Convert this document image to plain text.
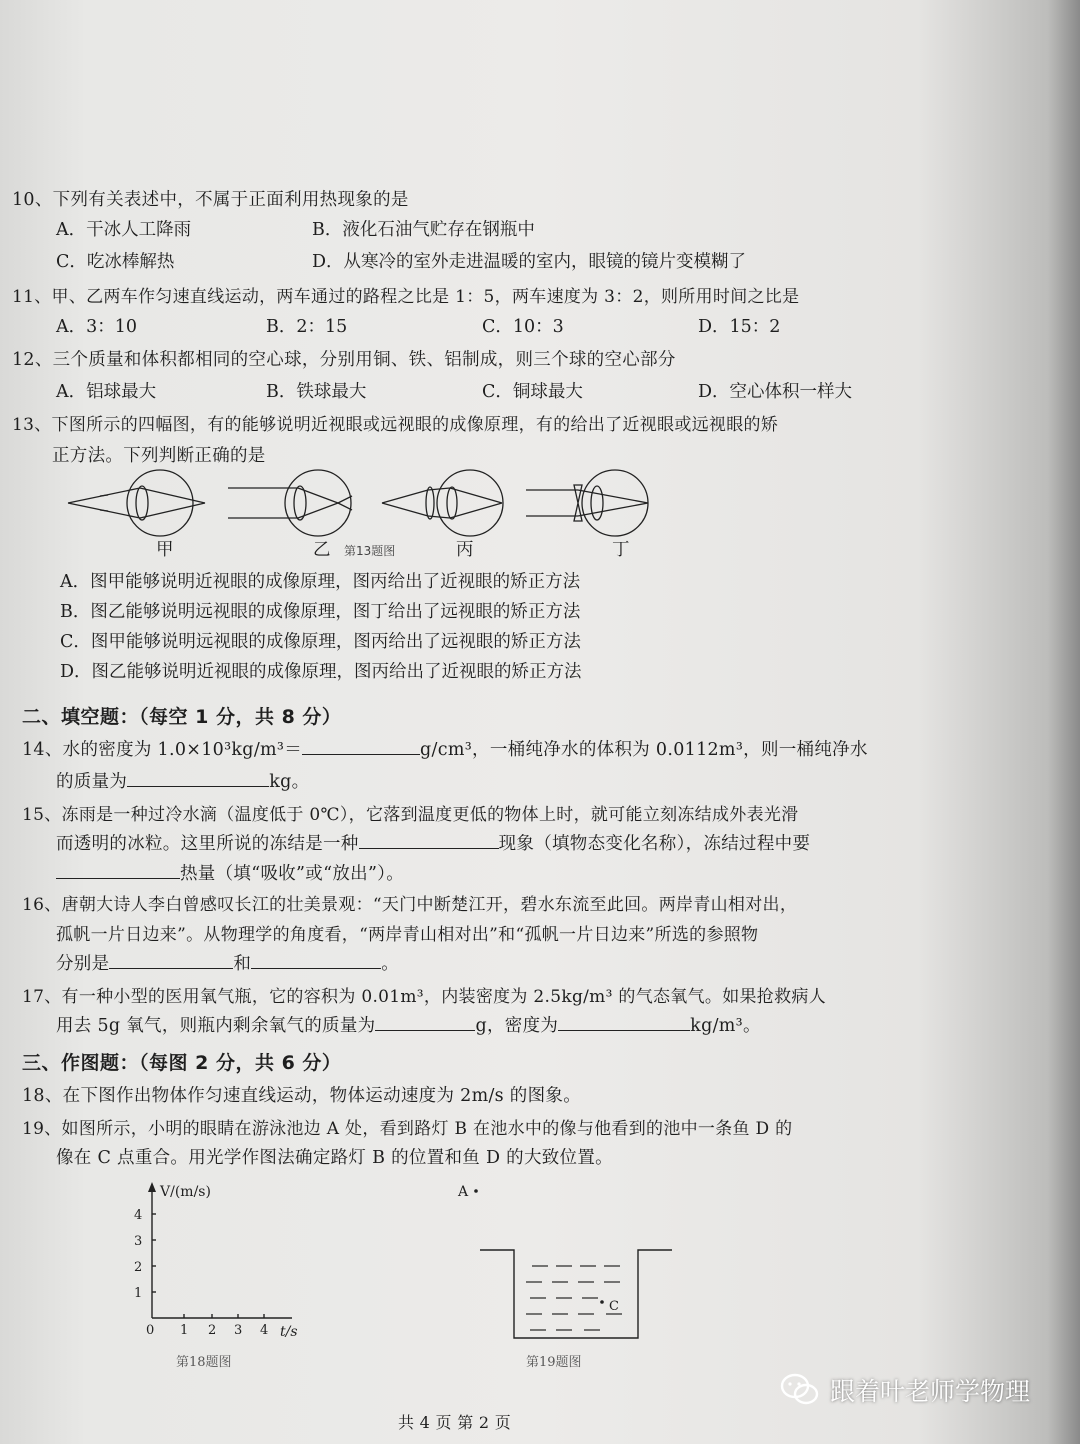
10、下列有关表述中，不属于正面利用热现象的是
A．干冰人工降雨	B．液化石油气贮存在钢瓶中
C．吃冰棒解热	D．从寒冷的室外走进温暖的室内，眼镜的镜片变模糊了
11、甲、乙两车作匀速直线运动，两车通过的路程之比是 1：5，两车速度为 3：2，则所用时间之比是
A．3：10	B．2：15	C．10：3	D．15：2
12、三个质量和体积都相同的空心球，分别用铜、铁、铝制成，则三个球的空心部分
A．铝球最大	B．铁球最大	C．铜球最大	D．空心体积一样大
13、下图所示的四幅图，有的能够说明近视眼或远视眼的成像原理，有的给出了近视眼或远视眼的矫
正方法。下列判断正确的是
甲	乙 第13题图	丙	丁
A．图甲能够说明近视眼的成像原理，图丙给出了近视眼的矫正方法
B．图乙能够说明远视眼的成像原理，图丁给出了远视眼的矫正方法
C．图甲能够说明远视眼的成像原理，图丙给出了远视眼的矫正方法
D．图乙能够说明近视眼的成像原理，图丙给出了近视眼的矫正方法
二、填空题：（每空 1 分，共 8 分）
14、水的密度为 1.0×10³kg/m³＝	g/cm³，一桶纯净水的体积为 0.0112m³，则一桶纯净水
的质量为	kg。
15、冻雨是一种过冷水滴（温度低于 0℃），它落到温度更低的物体上时，就可能立刻冻结成外表光滑
而透明的冰粒。这里所说的冻结是一种	现象（填物态变化名称），冻结过程中要
热量（填“吸收”或“放出”）。
16、唐朝大诗人李白曾感叹长江的壮美景观：“天门中断楚江开，碧水东流至此回。两岸青山相对出，
孤帆一片日边来”。从物理学的角度看，“两岸青山相对出”和“孤帆一片日边来”所选的参照物
分别是	和	。
17、有一种小型的医用氧气瓶，它的容积为 0.01m³，内装密度为 2.5kg/m³ 的气态氧气。如果抢救病人
用去 5g 氧气，则瓶内剩余氧气的质量为	g，密度为	kg/m³。
三、作图题：（每图 2 分，共 6 分）
18、在下图作出物体作匀速直线运动，物体运动速度为 2m/s 的图象。
19、如图所示，小明的眼睛在游泳池边 A 处，看到路灯 B 在池水中的像与他看到的池中一条鱼 D 的
像在 C 点重合。用光学作图法确定路灯 B 的位置和鱼 D 的大致位置。
V/(m/s)
1
2
3
4
0 1 2 3 4 t/s
第18题图
A
C
第19题图
共 4 页 第 2 页
跟着叶老师学物理
